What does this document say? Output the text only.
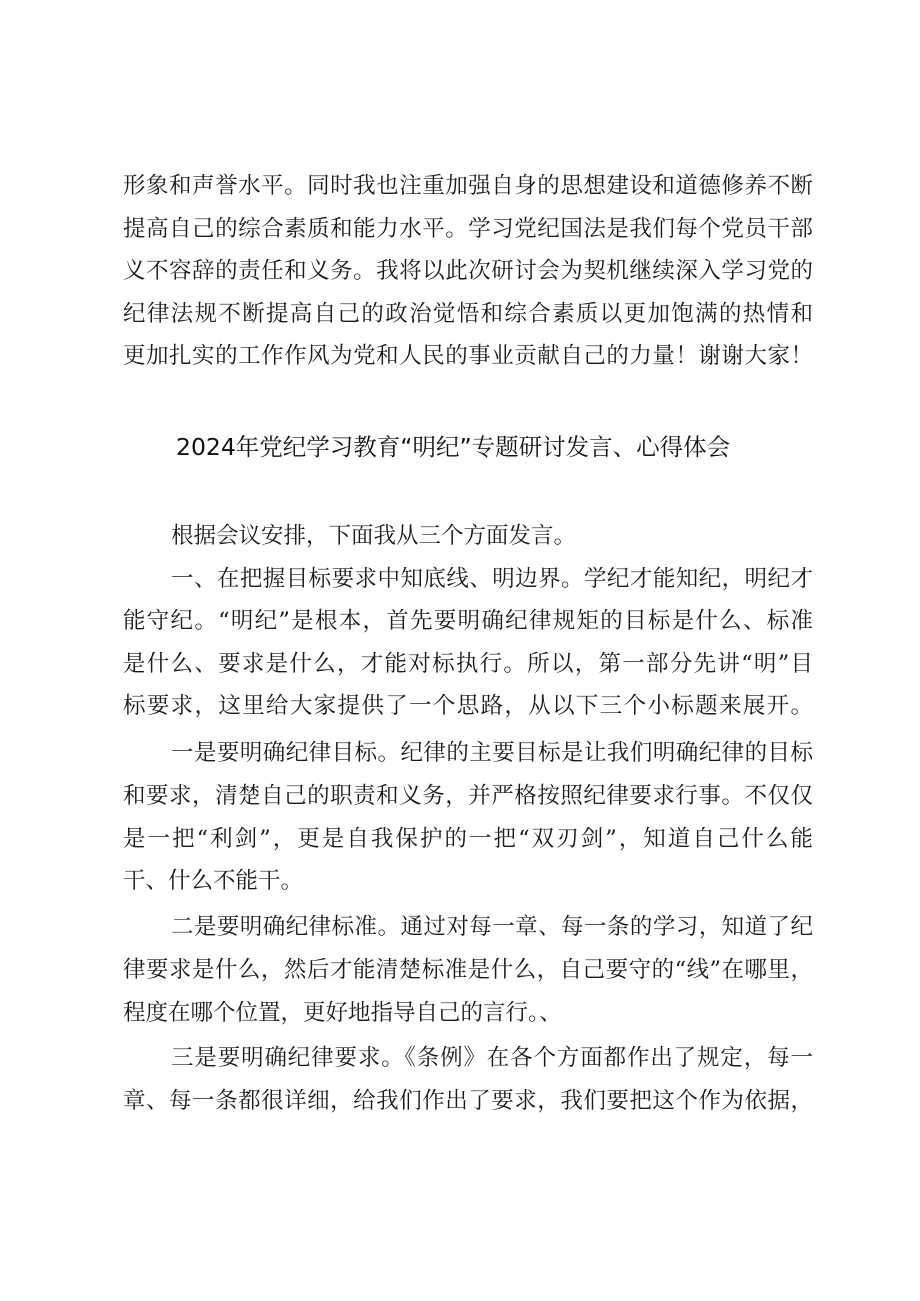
形象和声誉水平。同时我也注重加强自身的思想建设和道德修养不断
提高自己的综合素质和能力水平。学习党纪国法是我们每个党员干部
义不容辞的责任和义务。我将以此次研讨会为契机继续深入学习党的
纪律法规不断提高自己的政治觉悟和综合素质以更加饱满的热情和
更加扎实的工作作风为党和人民的事业贡献自己的力量！谢谢大家！
2024年党纪学习教育“明纪”专题研讨发言、心得体会
根据会议安排，下面我从三个方面发言。
一、在把握目标要求中知底线、明边界。学纪才能知纪，明纪才
能守纪。“明纪”是根本，首先要明确纪律规矩的目标是什么、标准
是什么、要求是什么，才能对标执行。所以，第一部分先讲“明”目
标要求，这里给大家提供了一个思路，从以下三个小标题来展开。
一是要明确纪律目标。纪律的主要目标是让我们明确纪律的目标
和要求，清楚自己的职责和义务，并严格按照纪律要求行事。不仅仅
是一把“利剑”，更是自我保护的一把“双刃剑”，知道自己什么能
干、什么不能干。
二是要明确纪律标准。通过对每一章、每一条的学习，知道了纪
律要求是什么，然后才能清楚标准是什么，自己要守的“线”在哪里，
程度在哪个位置，更好地指导自己的言行。、
三是要明确纪律要求。《条例》在各个方面都作出了规定，每一
章、每一条都很详细，给我们作出了要求，我们要把这个作为依据，
